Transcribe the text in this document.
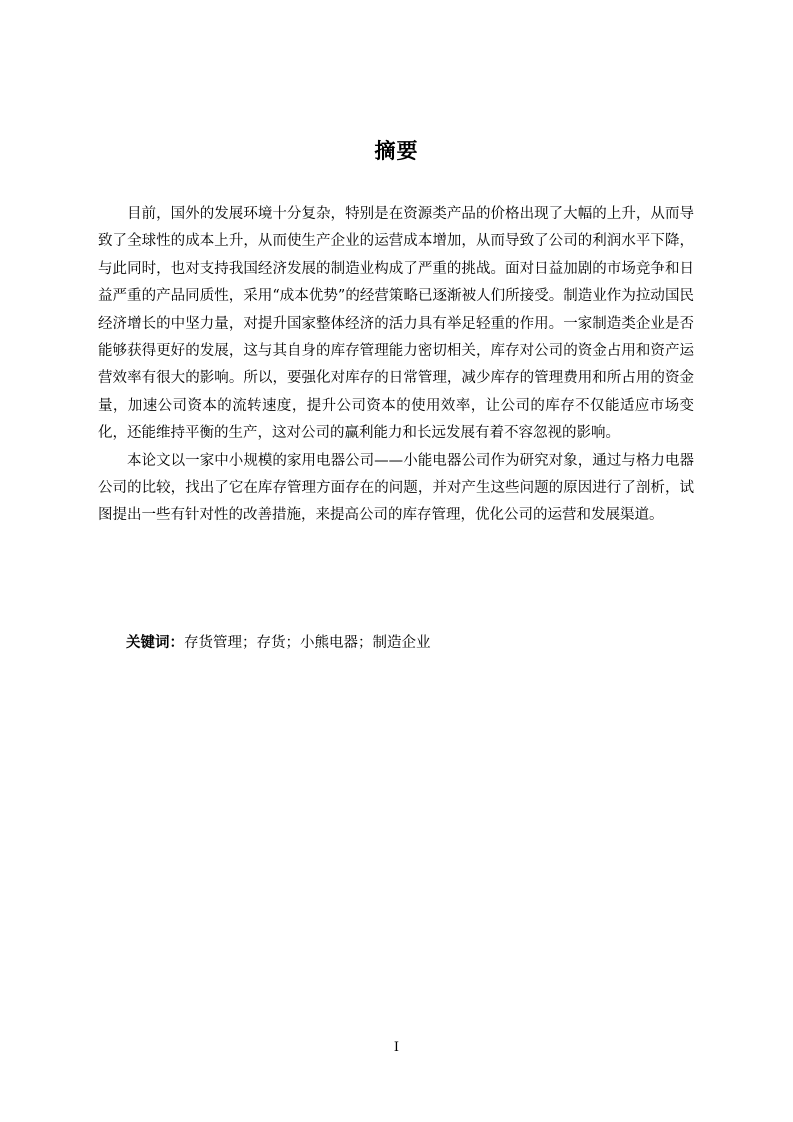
摘要

目前，国外的发展环境十分复杂，特别是在资源类产品的价格出现了大幅的上升，从而导致了全球性的成本上升，从而使生产企业的运营成本增加，从而导致了公司的利润水平下降，与此同时，也对支持我国经济发展的制造业构成了严重的挑战。面对日益加剧的市场竞争和日益严重的产品同质性，采用“成本优势”的经营策略已逐渐被人们所接受。制造业作为拉动国民经济增长的中坚力量，对提升国家整体经济的活力具有举足轻重的作用。一家制造类企业是否能够获得更好的发展，这与其自身的库存管理能力密切相关，库存对公司的资金占用和资产运营效率有很大的影响。所以，要强化对库存的日常管理，减少库存的管理费用和所占用的资金量，加速公司资本的流转速度，提升公司资本的使用效率，让公司的库存不仅能适应市场变化，还能维持平衡的生产，这对公司的赢利能力和长远发展有着不容忽视的影响。

本论文以一家中小规模的家用电器公司——小能电器公司作为研究对象，通过与格力电器公司的比较，找出了它在库存管理方面存在的问题，并对产生这些问题的原因进行了剖析，试图提出一些有针对性的改善措施，来提高公司的库存管理，优化公司的运营和发展渠道。

关键词：存货管理；存货；小熊电器；制造企业
I
